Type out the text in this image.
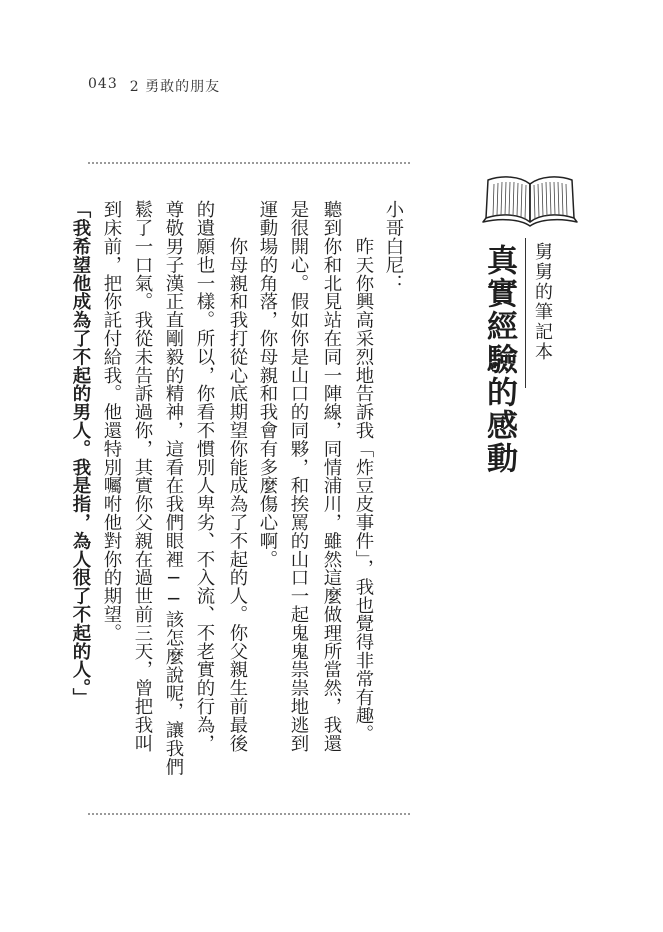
043 2 勇敢的朋友
小哥白尼：
　　昨天你興高采烈地告訴我「炸豆皮事件」，我也覺得非常有趣。
聽到你和北見站在同一陣線，同情浦川，雖然這麼做理所當然，我還
是很開心。假如你是山口的同夥，和挨罵的山口一起鬼鬼祟祟地逃到
運動場的角落，你母親和我會有多麼傷心啊。
　　你母親和我打從心底期望你能成為了不起的人。你父親生前最後
的遺願也一樣。所以，你看不慣別人卑劣、不入流、不老實的行為，
尊敬男子漢正直剛毅的精神，這看在我們眼裡──該怎麼說呢，讓我們
鬆了一口氣。我從未告訴過你，其實你父親在過世前三天，曾把我叫
到床前，把你託付給我。他還特別囑咐他對你的期望。
「我希望他成為了不起的男人。我是指，為人很了不起的人。」	舅舅的筆記本
真實經驗的感動
